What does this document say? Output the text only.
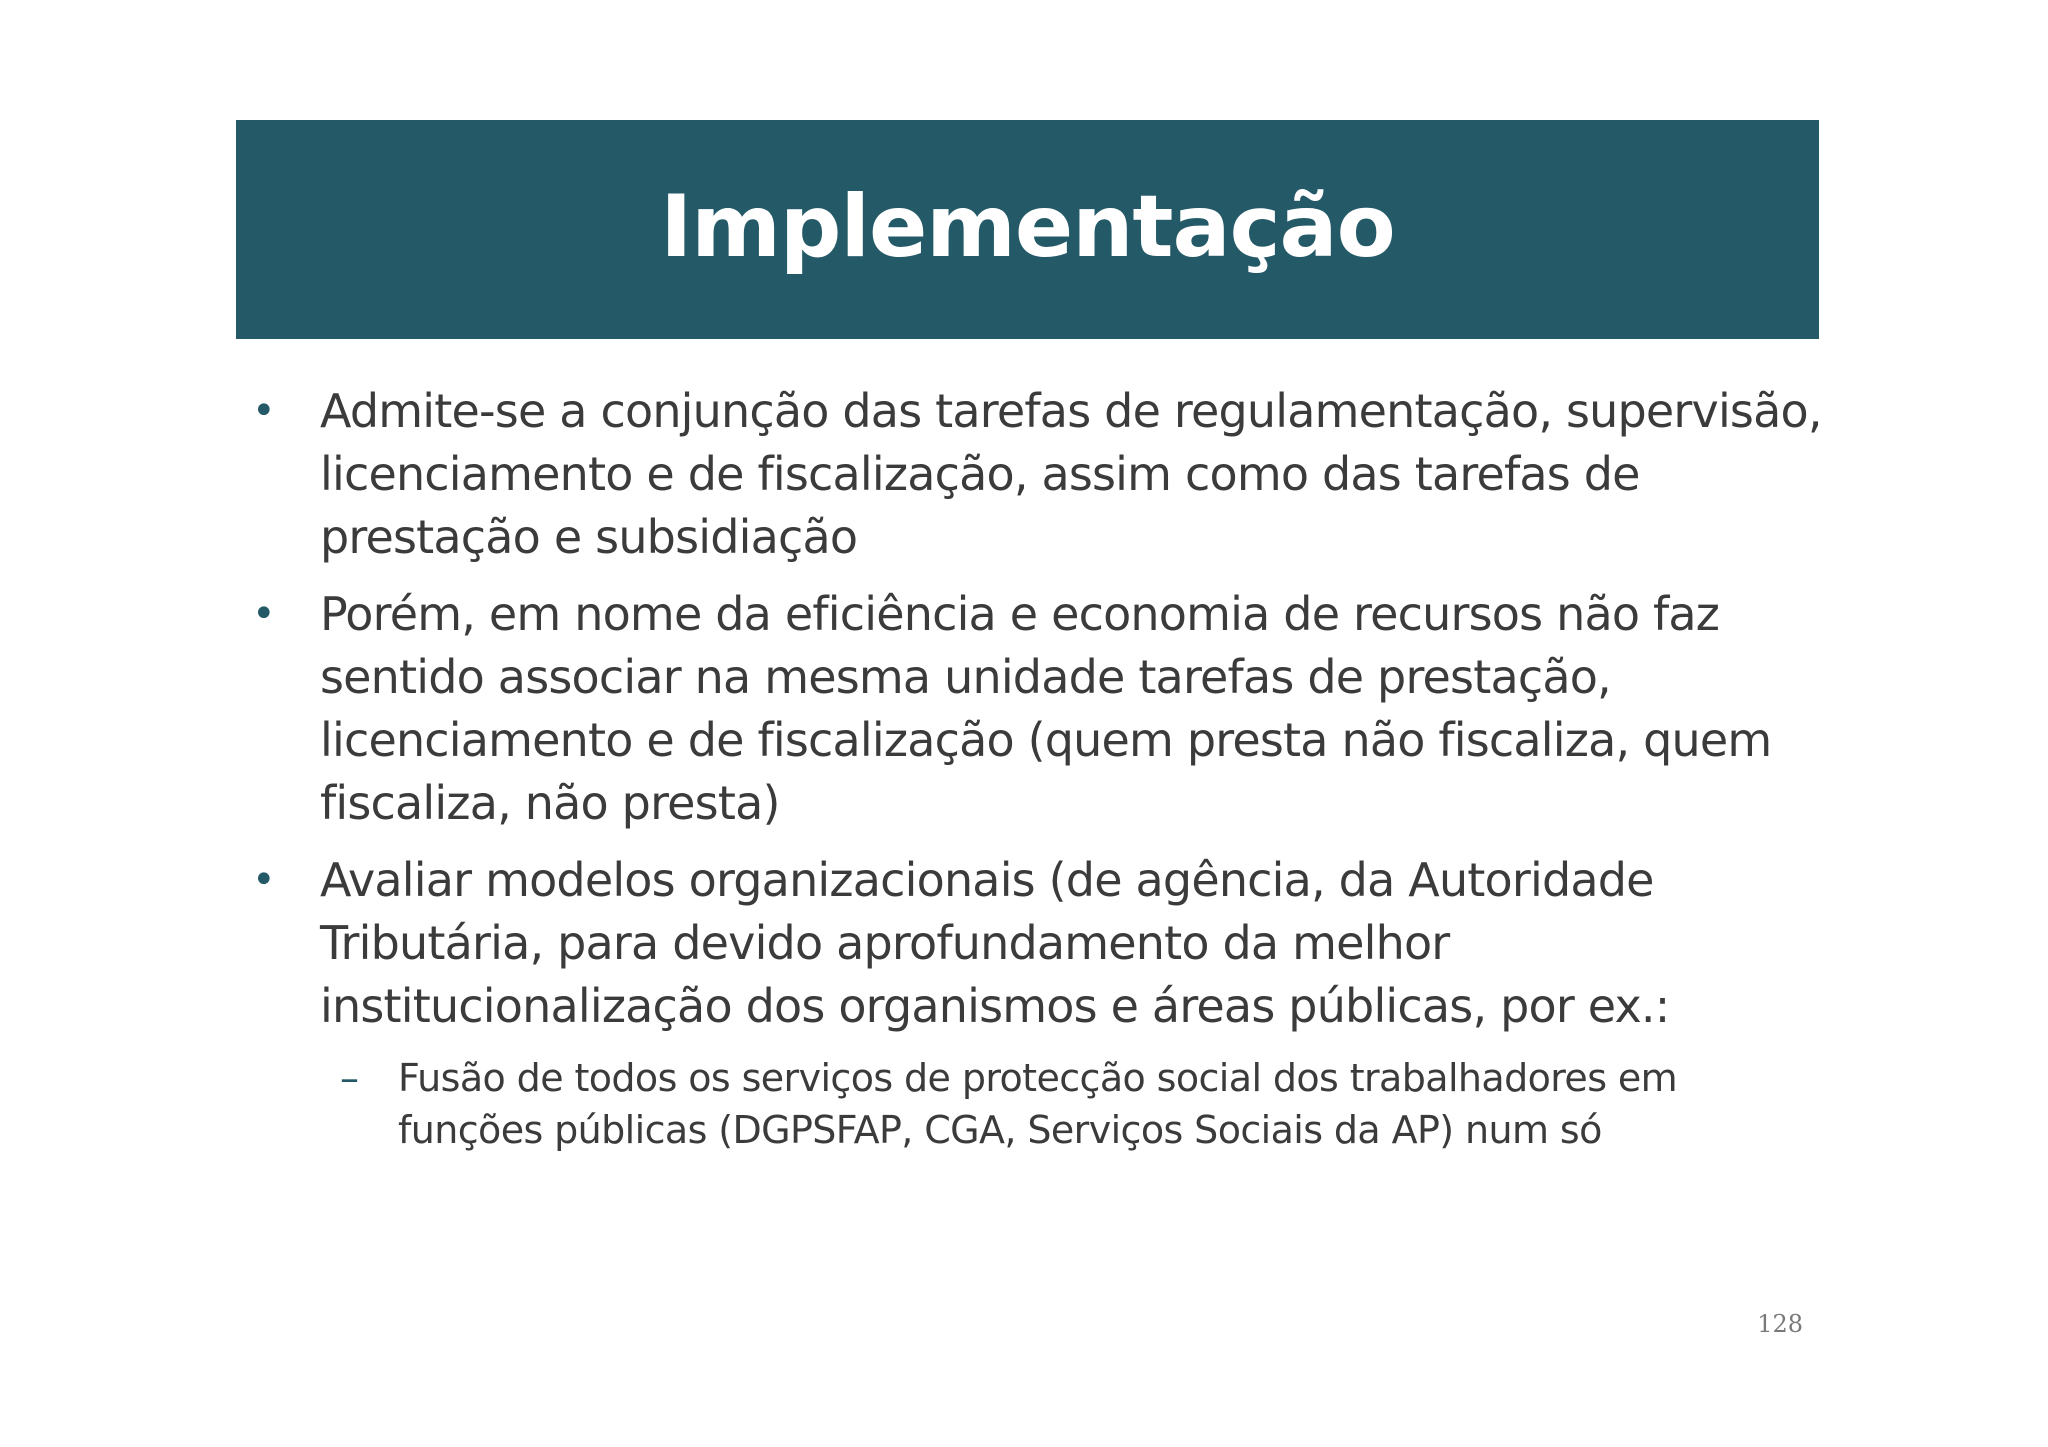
Implementação
• Admite-se a conjunção das tarefas de regulamentação, supervisão, licenciamento e de fiscalização, assim como das tarefas de prestação e subsidiação
• Porém, em nome da eficiência e economia de recursos não faz sentido associar na mesma unidade tarefas de prestação, licenciamento e de fiscalização (quem presta não fiscaliza, quem fiscaliza, não presta)
• Avaliar modelos organizacionais (de agência, da Autoridade Tributária, para devido aprofundamento da melhor institucionalização dos organismos e áreas públicas, por ex.:
– Fusão de todos os serviços de protecção social dos trabalhadores em funções públicas (DGPSFAP, CGA, Serviços Sociais da AP) num só
128
